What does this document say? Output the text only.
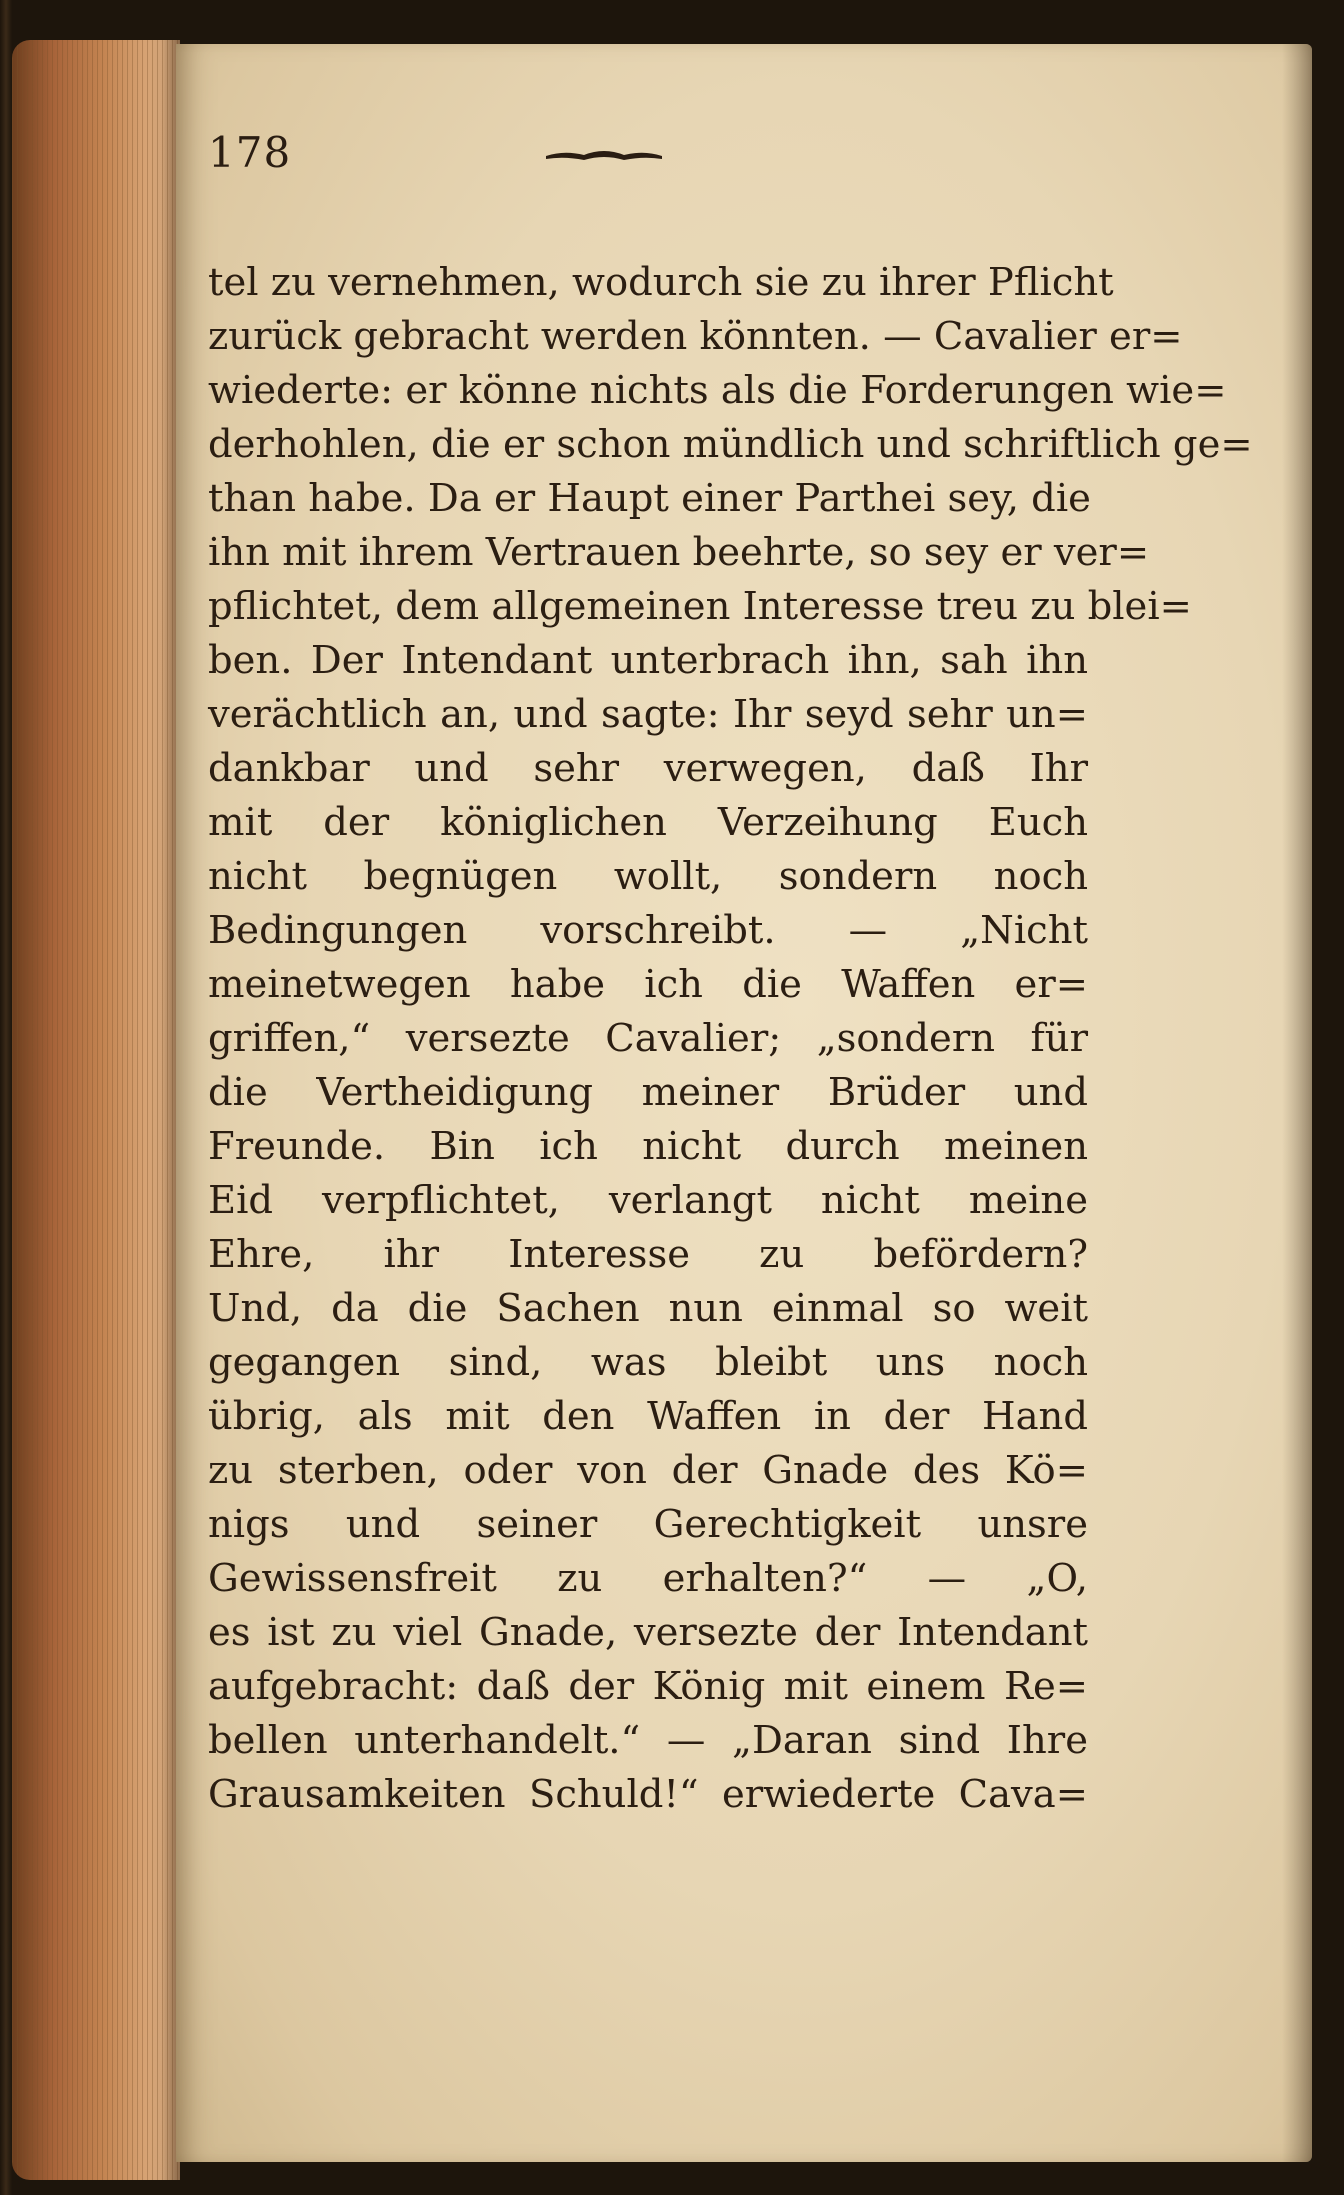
178
tel zu vernehmen, wodurch sie zu ihrer Pflicht
zurück gebracht werden könnten. — Cavalier er=
wiederte: er könne nichts als die Forderungen wie=
derhohlen, die er schon mündlich und schriftlich ge=
than habe. Da er Haupt einer Parthei sey, die
ihn mit ihrem Vertrauen beehrte, so sey er ver=
pflichtet, dem allgemeinen Interesse treu zu blei=
ben. Der Intendant unterbrach ihn, sah ihn
verächtlich an, und sagte: Ihr seyd sehr un=
dankbar und sehr verwegen, daß Ihr
mit der königlichen Verzeihung Euch
nicht begnügen wollt, sondern noch
Bedingungen vorschreibt. — „Nicht
meinetwegen habe ich die Waffen er=
griffen,“ versezte Cavalier; „sondern für
die Vertheidigung meiner Brüder und
Freunde. Bin ich nicht durch meinen
Eid verpflichtet, verlangt nicht meine
Ehre, ihr Interesse zu befördern?
Und, da die Sachen nun einmal so weit
gegangen sind, was bleibt uns noch
übrig, als mit den Waffen in der Hand
zu sterben, oder von der Gnade des Kö=
nigs und seiner Gerechtigkeit unsre
Gewissensfreit zu erhalten?“ — „O,
es ist zu viel Gnade, versezte der Intendant
aufgebracht: daß der König mit einem Re=
bellen unterhandelt.“ — „Daran sind Ihre
Grausamkeiten Schuld!“ erwiederte Cava=
